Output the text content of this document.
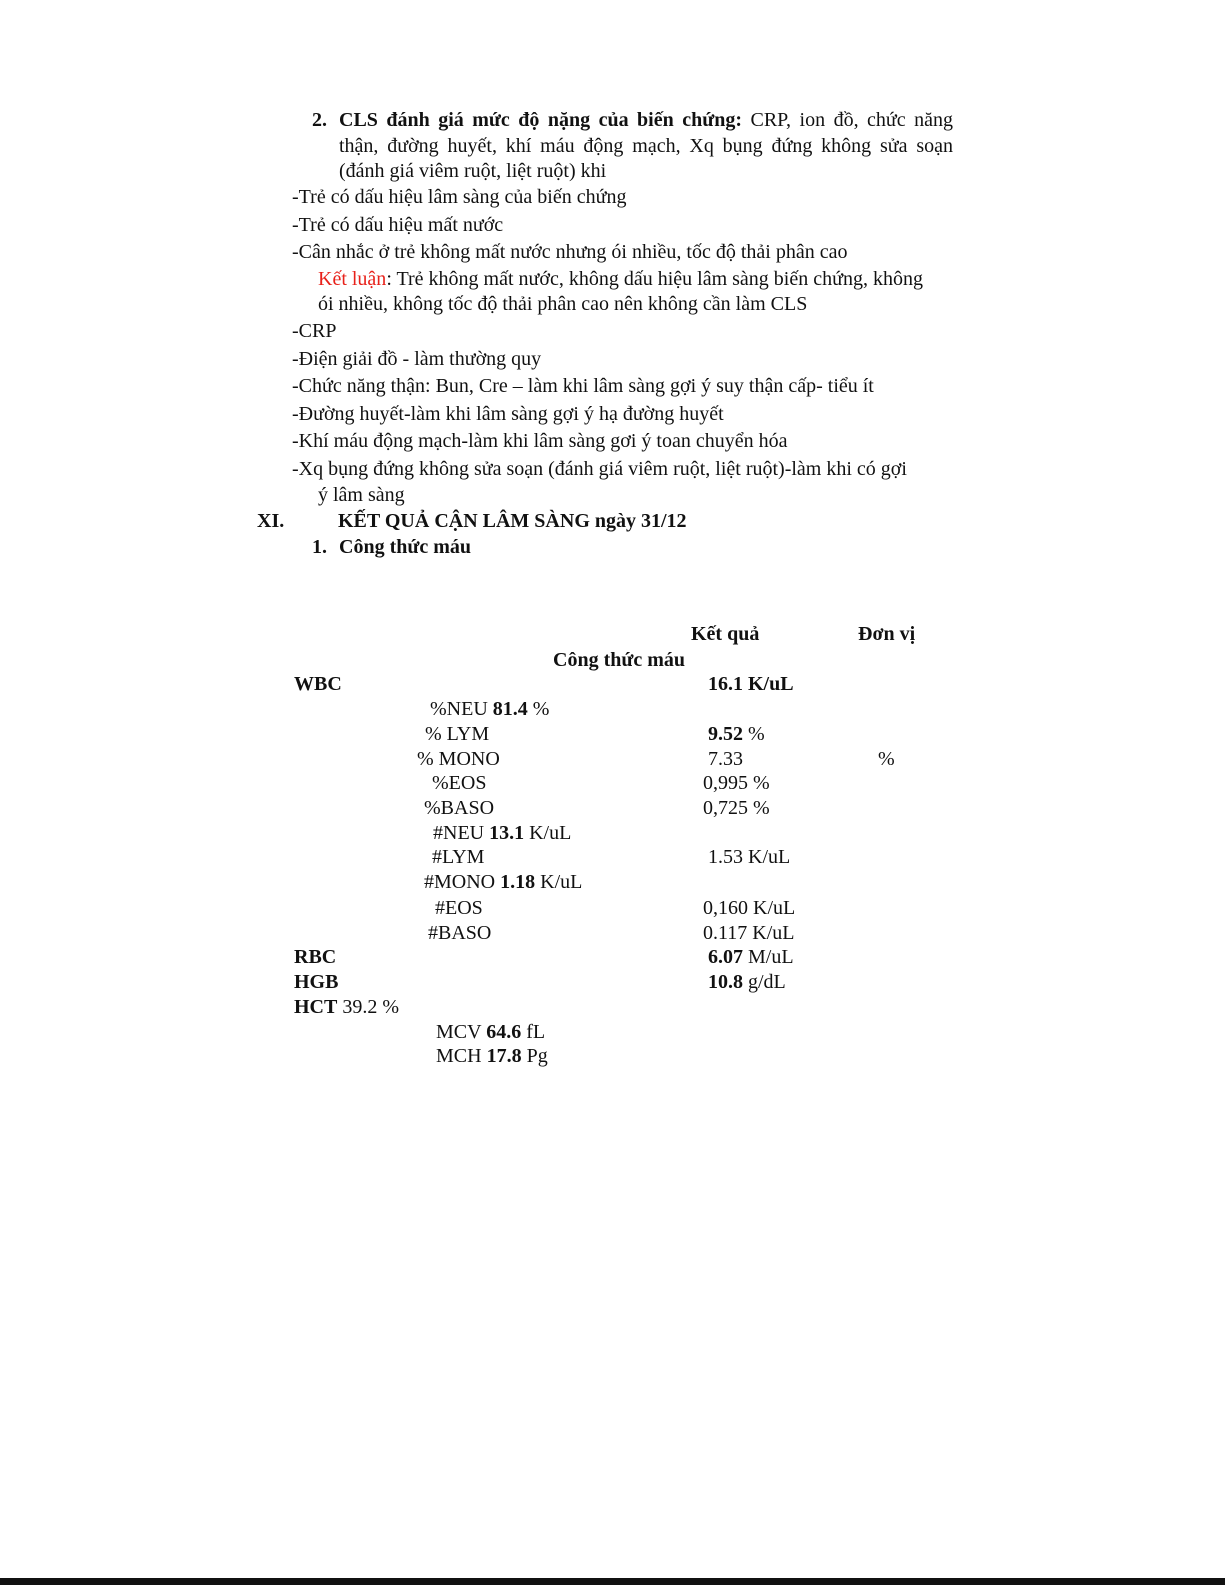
2. CLS đánh giá mức độ nặng của biến chứng: CRP, ion đồ, chức năng
thận, đường huyết, khí máu động mạch, Xq bụng đứng không sửa soạn
(đánh giá viêm ruột, liệt ruột) khi
-Trẻ có dấu hiệu lâm sàng của biến chứng
-Trẻ có dấu hiệu mất nước
-Cân nhắc ở trẻ không mất nước nhưng ói nhiều, tốc độ thải phân cao
Kết luận: Trẻ không mất nước, không dấu hiệu lâm sàng biến chứng, không
ói nhiều, không tốc độ thải phân cao nên không cần làm CLS
-CRP
-Điện giải đồ - làm thường quy
-Chức năng thận: Bun, Cre – làm khi lâm sàng gợi ý suy thận cấp- tiểu ít
-Đường huyết-làm khi lâm sàng gợi ý hạ đường huyết
-Khí máu động mạch-làm khi lâm sàng gơi ý toan chuyển hóa
-Xq bụng đứng không sửa soạn (đánh giá viêm ruột, liệt ruột)-làm khi có gợi
ý lâm sàng
XI.	KẾT QUẢ CẬN LÂM SÀNG ngày 31/12
1. Công thức máu
Kết quả	Đơn vị
Công thức máu
WBC	16.1 K/uL
%NEU 81.4 %
% LYM	9.52 %
% MONO	7.33	%
%EOS	0,995 %
%BASO	0,725 %
#NEU 13.1 K/uL
#LYM	1.53 K/uL
#MONO 1.18 K/uL
#EOS	0,160 K/uL
#BASO	0.117 K/uL
RBC	6.07 M/uL
HGB	10.8 g/dL
HCT 39.2 %
MCV 64.6 fL
MCH 17.8 Pg
